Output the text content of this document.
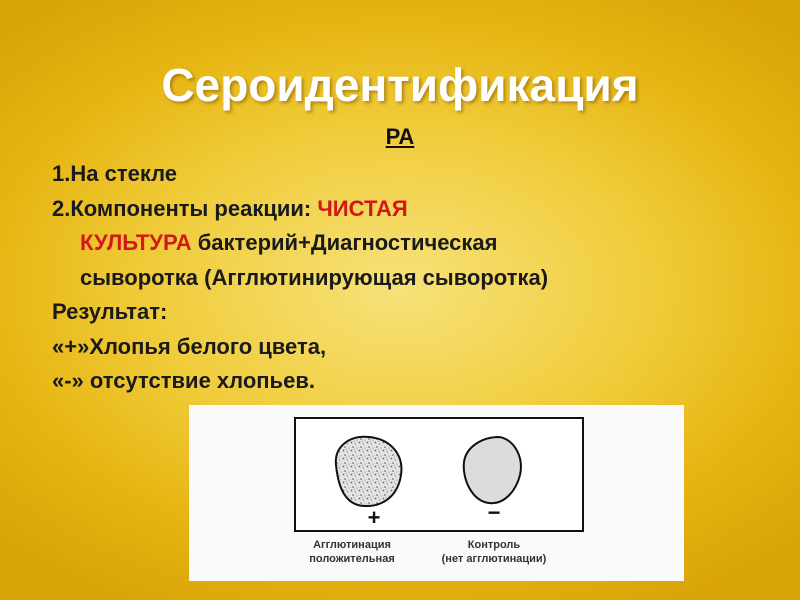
Сероидентификация
РА
1.На стекле
2.Компоненты реакции: ЧИСТАЯ
КУЛЬТУРА бактерий+Диагностическая
сыворотка (Агглютинирующая сыворотка)
Результат:
«+»Хлопья белого цвета,
«-» отсутствие хлопьев.
+	−
Агглютинация
положительная
Контроль
(нет агглютинации)
